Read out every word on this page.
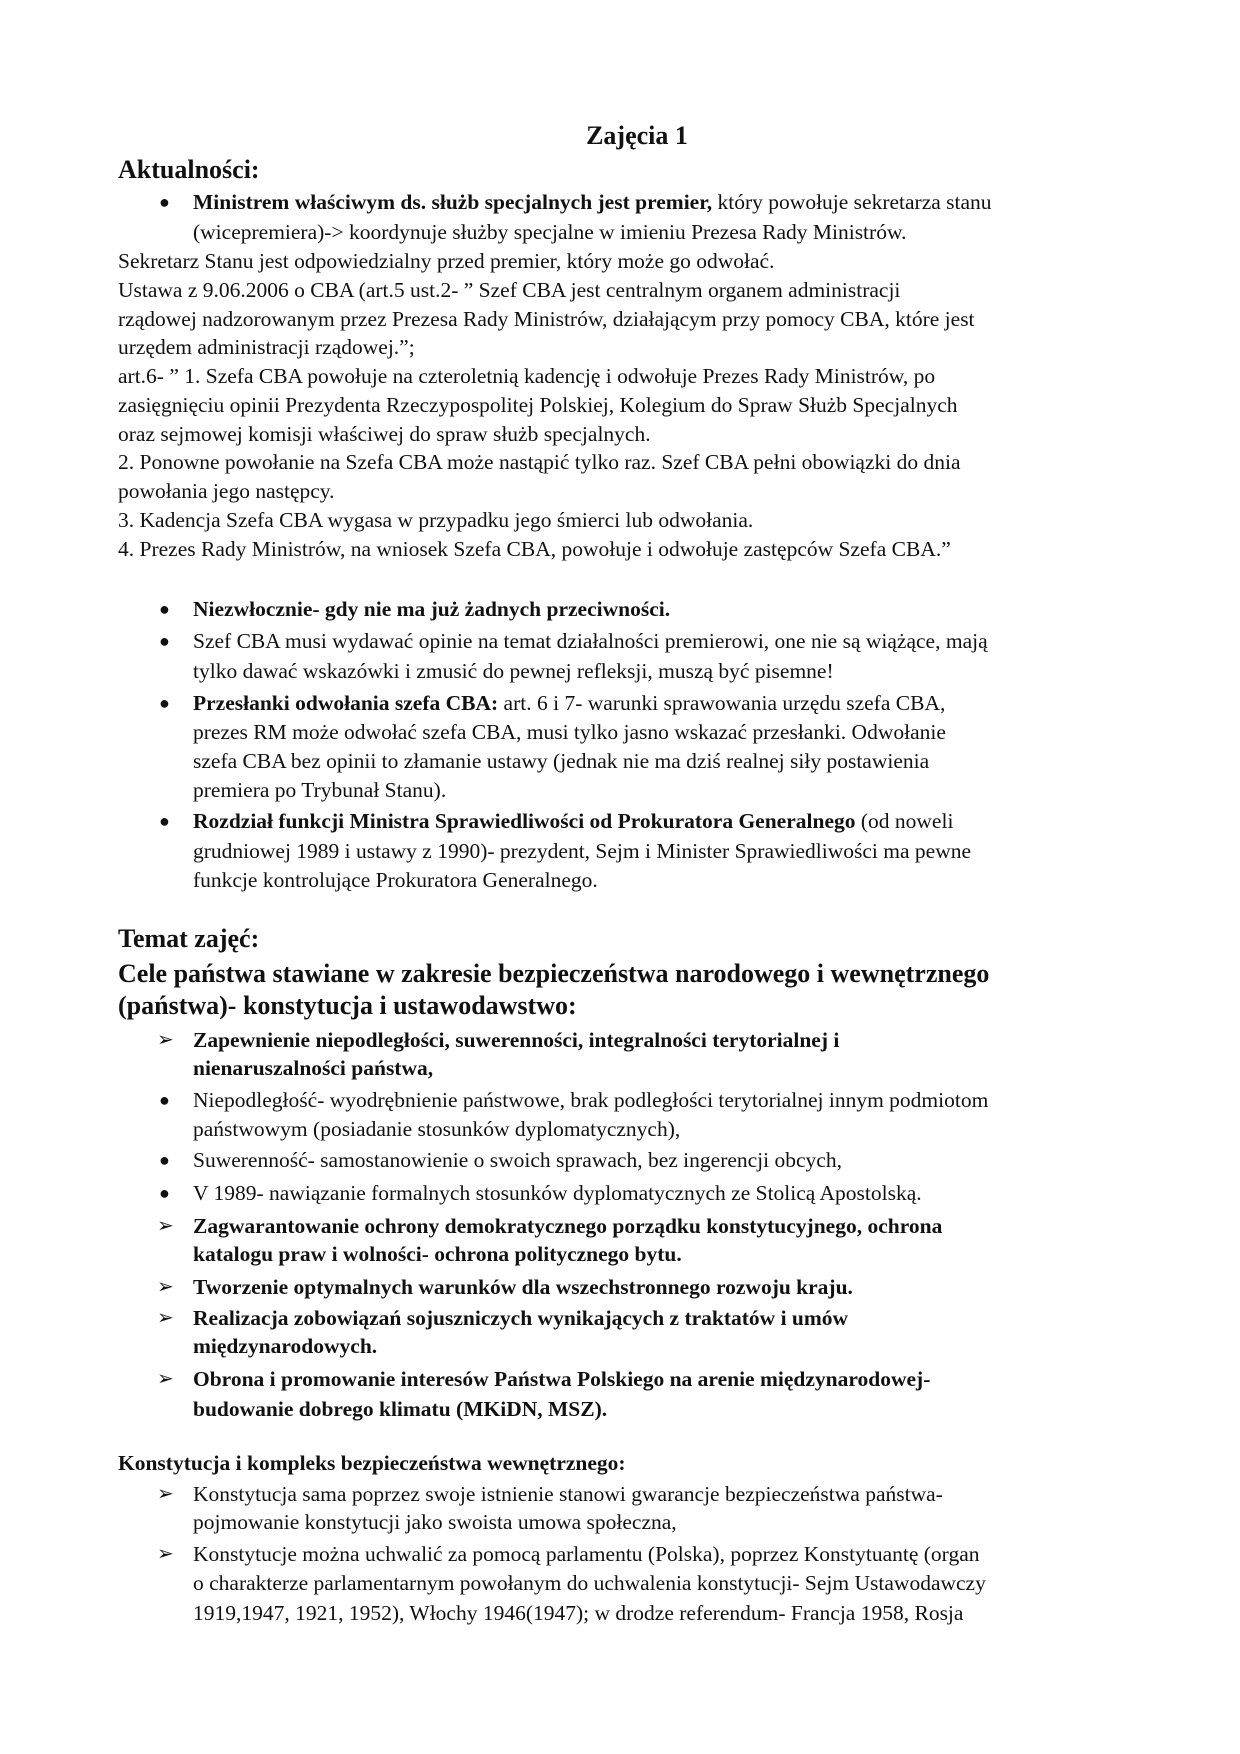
Zajęcia 1
Aktualności:
● Ministrem właściwym ds. służb specjalnych jest premier, który powołuje sekretarza stanu
(wicepremiera)-> koordynuje służby specjalne w imieniu Prezesa Rady Ministrów.
Sekretarz Stanu jest odpowiedzialny przed premier, który może go odwołać.
Ustawa z 9.06.2006 o CBA (art.5 ust.2- ” Szef CBA jest centralnym organem administracji
rządowej nadzorowanym przez Prezesa Rady Ministrów, działającym przy pomocy CBA, które jest
urzędem administracji rządowej.”;
art.6- ” 1. Szefa CBA powołuje na czteroletnią kadencję i odwołuje Prezes Rady Ministrów, po
zasięgnięciu opinii Prezydenta Rzeczypospolitej Polskiej, Kolegium do Spraw Służb Specjalnych
oraz sejmowej komisji właściwej do spraw służb specjalnych.
2. Ponowne powołanie na Szefa CBA może nastąpić tylko raz. Szef CBA pełni obowiązki do dnia
powołania jego następcy.
3. Kadencja Szefa CBA wygasa w przypadku jego śmierci lub odwołania.
4. Prezes Rady Ministrów, na wniosek Szefa CBA, powołuje i odwołuje zastępców Szefa CBA.”
● Niezwłocznie- gdy nie ma już żadnych przeciwności.
● Szef CBA musi wydawać opinie na temat działalności premierowi, one nie są wiążące, mają
tylko dawać wskazówki i zmusić do pewnej refleksji, muszą być pisemne!
● Przesłanki odwołania szefa CBA: art. 6 i 7- warunki sprawowania urzędu szefa CBA,
prezes RM może odwołać szefa CBA, musi tylko jasno wskazać przesłanki. Odwołanie
szefa CBA bez opinii to złamanie ustawy (jednak nie ma dziś realnej siły postawienia
premiera po Trybunał Stanu).
● Rozdział funkcji Ministra Sprawiedliwości od Prokuratora Generalnego (od noweli
grudniowej 1989 i ustawy z 1990)- prezydent, Sejm i Minister Sprawiedliwości ma pewne
funkcje kontrolujące Prokuratora Generalnego.
Temat zajęć:
Cele państwa stawiane w zakresie bezpieczeństwa narodowego i wewnętrznego
(państwa)- konstytucja i ustawodawstwo:
➢ Zapewnienie niepodległości, suwerenności, integralności terytorialnej i
nienaruszalności państwa,
● Niepodległość- wyodrębnienie państwowe, brak podległości terytorialnej innym podmiotom
państwowym (posiadanie stosunków dyplomatycznych),
● Suwerenność- samostanowienie o swoich sprawach, bez ingerencji obcych,
● V 1989- nawiązanie formalnych stosunków dyplomatycznych ze Stolicą Apostolską.
➢ Zagwarantowanie ochrony demokratycznego porządku konstytucyjnego, ochrona
katalogu praw i wolności- ochrona politycznego bytu.
➢ Tworzenie optymalnych warunków dla wszechstronnego rozwoju kraju.
➢ Realizacja zobowiązań sojuszniczych wynikających z traktatów i umów
międzynarodowych.
➢ Obrona i promowanie interesów Państwa Polskiego na arenie międzynarodowej-
budowanie dobrego klimatu (MKiDN, MSZ).
Konstytucja i kompleks bezpieczeństwa wewnętrznego:
➢ Konstytucja sama poprzez swoje istnienie stanowi gwarancje bezpieczeństwa państwa-
pojmowanie konstytucji jako swoista umowa społeczna,
➢ Konstytucje można uchwalić za pomocą parlamentu (Polska), poprzez Konstytuantę (organ
o charakterze parlamentarnym powołanym do uchwalenia konstytucji- Sejm Ustawodawczy
1919,1947, 1921, 1952), Włochy 1946(1947); w drodze referendum- Francja 1958, Rosja
